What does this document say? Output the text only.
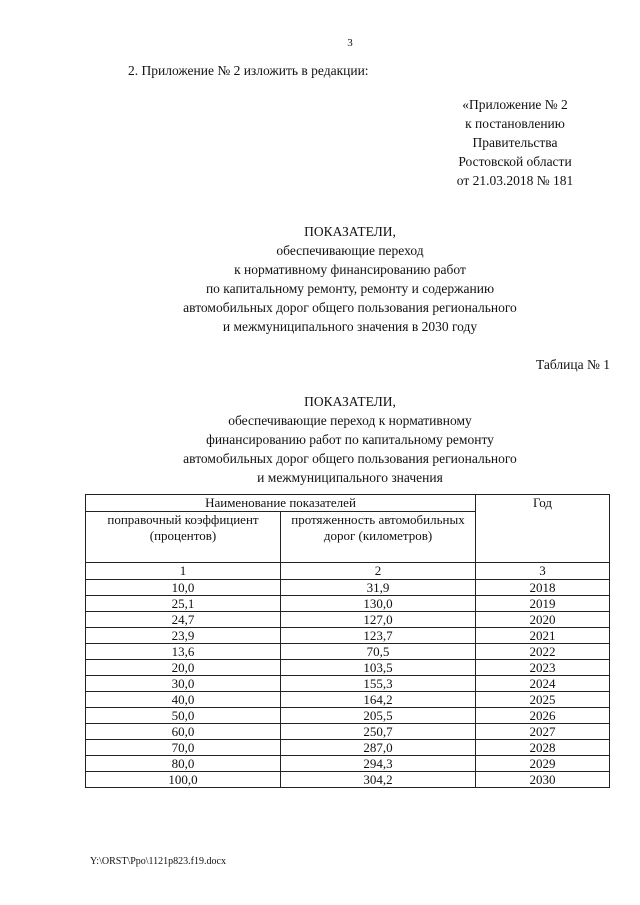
3
2. Приложение № 2 изложить в редакции:
«Приложение № 2
к постановлению
Правительства
Ростовской области
от 21.03.2018 № 181
ПОКАЗАТЕЛИ,
обеспечивающие переход
к нормативному финансированию работ
по капитальному ремонту, ремонту и содержанию
автомобильных дорог общего пользования регионального
и межмуниципального значения в 2030 году
Таблица № 1
ПОКАЗАТЕЛИ,
обеспечивающие переход к нормативному
финансированию работ по капитальному ремонту
автомобильных дорог общего пользования регионального
и межмуниципального значения
Наименование показателей		Год
поправочный коэффициент (процентов)	протяженность автомобильных дорог (километров)	
1	2	3
10,0	31,9	2018
25,1	130,0	2019
24,7	127,0	2020
23,9	123,7	2021
13,6	70,5	2022
20,0	103,5	2023
30,0	155,3	2024
40,0	164,2	2025
50,0	205,5	2026
60,0	250,7	2027
70,0	287,0	2028
80,0	294,3	2029
100,0	304,2	2030
Y:\ORST\Ppo\1121p823.f19.docx
